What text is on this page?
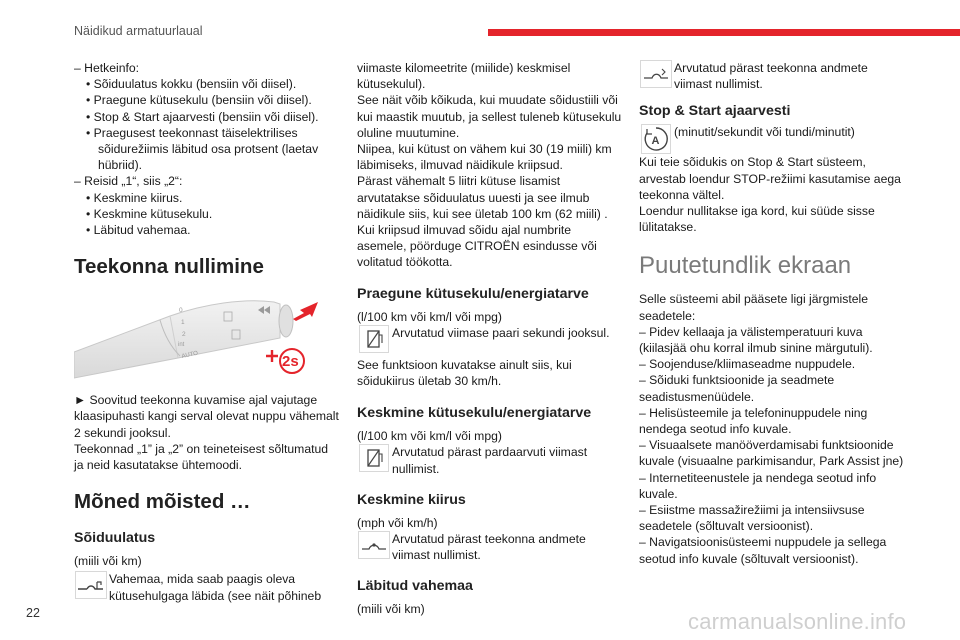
Näidikud armatuurlaual
– Hetkeinfo:
• Sõiduulatus kokku (bensiin või diisel).
• Praegune kütusekulu (bensiin või diisel).
• Stop & Start ajaarvesti (bensiin või diisel).
• Praegusest teekonnast täiselektrilises
sõidurežiimis läbitud osa protsent (laetav
hübriid).
– Reisid „1“, siis „2“:
• Keskmine kiirus.
• Keskmine kütusekulu.
• Läbitud vahemaa.
Teekonna nullimine
0
1
2
int
AUTO	2s
► Soovitud teekonna kuvamise ajal vajutage
klaasipuhasti kangi serval olevat nuppu vähemalt
2 sekundi jooksul.
Teekonnad „1” ja „2” on teineteisest sõltumatud
ja neid kasutatakse ühtemoodi.
Mõned mõisted …
Sõiduulatus
(miili või km)
Vahemaa, mida saab paagis oleva
kütusehulgaga läbida (see näit põhineb
viimaste kilomeetrite (miilide) keskmisel
kütusekulul).
See näit võib kõikuda, kui muudate sõidustiili või
kui maastik muutub, ja sellest tuleneb kütusekulu
oluline muutumine.
Niipea, kui kütust on vähem kui 30 (19 miili) km
läbimiseks, ilmuvad näidikule kriipsud.
Pärast vähemalt 5 liitri kütuse lisamist
arvutatakse sõiduulatus uuesti ja see ilmub
näidikule siis, kui see ületab 100 km (62 miili) .
Kui kriipsud ilmuvad sõidu ajal numbrite
asemele, pöörduge CITROËN esindusse või
volitatud töökotta.
Praegune kütusekulu/energiatarve
(l/100 km või km/l või mpg)
Arvutatud viimase paari sekundi jooksul.
See funktsioon kuvatakse ainult siis, kui
sõidukiirus ületab 30 km/h.
Keskmine kütusekulu/energiatarve
(l/100 km või km/l või mpg)
Arvutatud pärast pardaarvuti viimast
nullimist.
Keskmine kiirus
(mph või km/h)
Arvutatud pärast teekonna andmete
viimast nullimist.
Läbitud vahemaa
(miili või km)
Arvutatud pärast teekonna andmete
viimast nullimist.
Stop & Start ajaarvesti
A
(minutit/sekundit või tundi/minutit)
Kui teie sõidukis on Stop & Start süsteem,
arvestab loendur STOP-režiimi kasutamise aega
teekonna vältel.
Loendur nullitakse iga kord, kui süüde sisse
lülitatakse.
Puutetundlik ekraan
Selle süsteemi abil pääsete ligi järgmistele
seadetele:
– Pidev kellaaja ja välistemperatuuri kuva
(kiilasjää ohu korral ilmub sinine märgutuli).
– Soojenduse/kliimaseadme nuppudele.
– Sõiduki funktsioonide ja seadmete
seadistusmenüüdele.
– Helisüsteemile ja telefoninuppudele ning
nendega seotud info kuvale.
– Visuaalsete manööverdamisabi funktsioonide
kuvale (visuaalne parkimisandur, Park Assist jne)
– Internetiteenustele ja nendega seotud info
kuvale.
– Esiistme massažirežiimi ja intensiivsuse
seadetele (sõltuvalt versioonist).
– Navigatsioonisüsteemi nuppudele ja sellega
seotud info kuvale (sõltuvalt versioonist).
22	carmanualsonline.info
